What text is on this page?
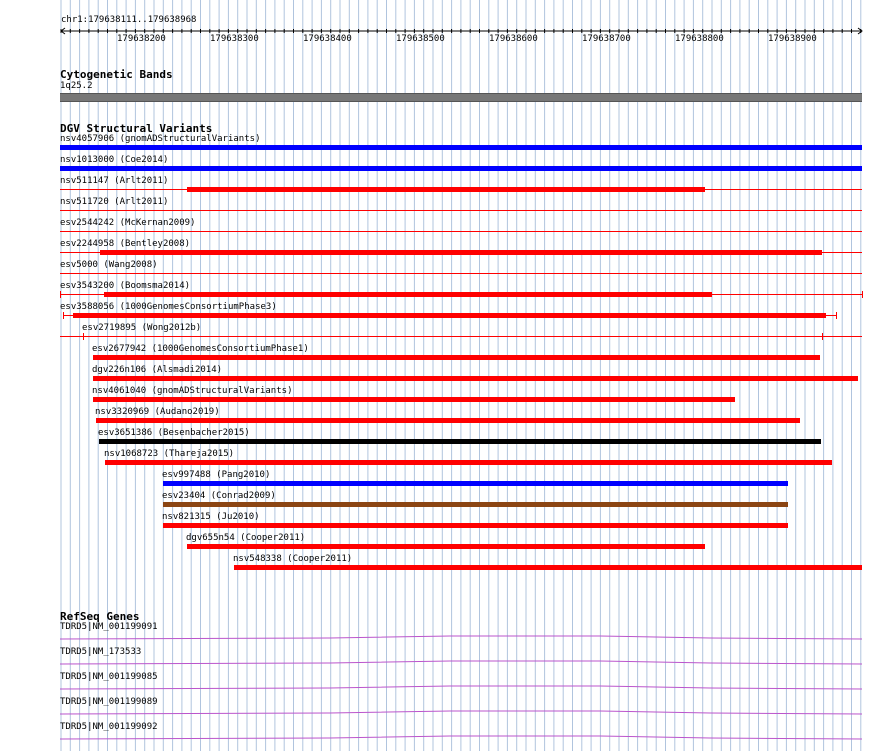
chr1:179638111..179638968
179638200	179638300	179638400	179638500	179638600	179638700	179638800	179638900
Cytogenetic Bands
1q25.2
DGV Structural Variants
nsv4057906 (gnomADStructuralVariants)
nsv1013000 (Coe2014)
nsv511147 (Arlt2011)
nsv511720 (Arlt2011)
esv2544242 (McKernan2009)
esv2244958 (Bentley2008)
esv5000 (Wang2008)
esv3543200 (Boomsma2014)
esv3588056 (1000GenomesConsortiumPhase3)
esv2719895 (Wong2012b)
esv2677942 (1000GenomesConsortiumPhase1)
dgv226n106 (Alsmadi2014)
nsv4061040 (gnomADStructuralVariants)
nsv3320969 (Audano2019)
esv3651386 (Besenbacher2015)
nsv1068723 (Thareja2015)
esv997488 (Pang2010)
esv23404 (Conrad2009)
nsv821315 (Ju2010)
dgv655n54 (Cooper2011)
nsv548338 (Cooper2011)
RefSeq Genes
TDRD5|NM_001199091
TDRD5|NM_173533
TDRD5|NM_001199085
TDRD5|NM_001199089
TDRD5|NM_001199092
